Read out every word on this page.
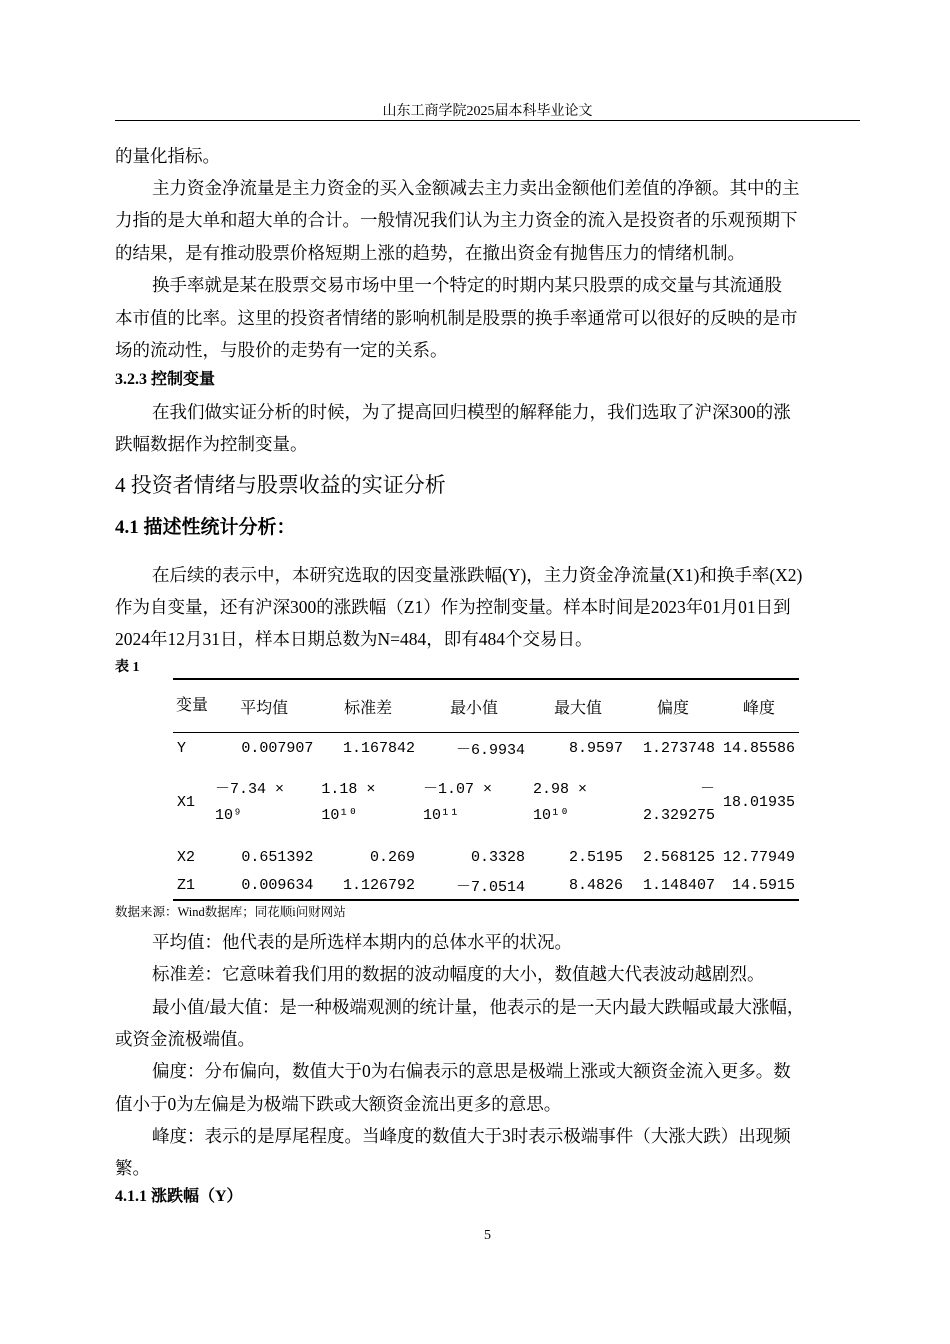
山东工商学院2025届本科毕业论文
的量化指标。
主力资金净流量是主力资金的买入金额减去主力卖出金额他们差值的净额。其中的主
力指的是大单和超大单的合计。一般情况我们认为主力资金的流入是投资者的乐观预期下
的结果，是有推动股票价格短期上涨的趋势，在撤出资金有抛售压力的情绪机制。
换手率就是某在股票交易市场中里一个特定的时期内某只股票的成交量与其流通股
本市值的比率。这里的投资者情绪的影响机制是股票的换手率通常可以很好的反映的是市
场的流动性，与股价的走势有一定的关系。
在我们做实证分析的时候，为了提高回归模型的解释能力，我们选取了沪深300的涨
跌幅数据作为控制变量。
在后续的表示中，本研究选取的因变量涨跌幅(Y)，主力资金净流量(X1)和换手率(X2)
作为自变量，还有沪深300的涨跌幅（Z1）作为控制变量。样本时间是2023年01月01日到
2024年12月31日，样本日期总数为N=484，即有484个交易日。
平均值：他代表的是所选样本期内的总体水平的状况。
标准差：它意味着我们用的数据的波动幅度的大小，数值越大代表波动越剧烈。
最小值/最大值：是一种极端观测的统计量，他表示的是一天内最大跌幅或最大涨幅，
或资金流极端值。
偏度：分布偏向，数值大于0为右偏表示的意思是极端上涨或大额资金流入更多。数
值小于0为左偏是为极端下跌或大额资金流出更多的意思。
峰度：表示的是厚尾程度。当峰度的数值大于3时表示极端事件（大涨大跌）出现频
繁。
3.2.3 控制变量
4 投资者情绪与股票收益的实证分析
4.1 描述性统计分析：
表 1
变量	平均值	标准差	最小值	最大值	偏度	峰度
Y	0.007907	1.167842	－6.9934	8.9597	1.273748	14.85586
X1	－7.34 × 10⁹	1.18 × 10¹⁰	－1.07 × 10¹¹	2.98 × 10¹⁰	－2.329275	18.01935
X2	0.651392	0.269	0.3328	2.5195	2.568125	12.77949
Z1	0.009634	1.126792	－7.0514	8.4826	1.148407	14.5915
数据来源：Wind数据库；同花顺i问财网站
4.1.1 涨跌幅（Y）
5
